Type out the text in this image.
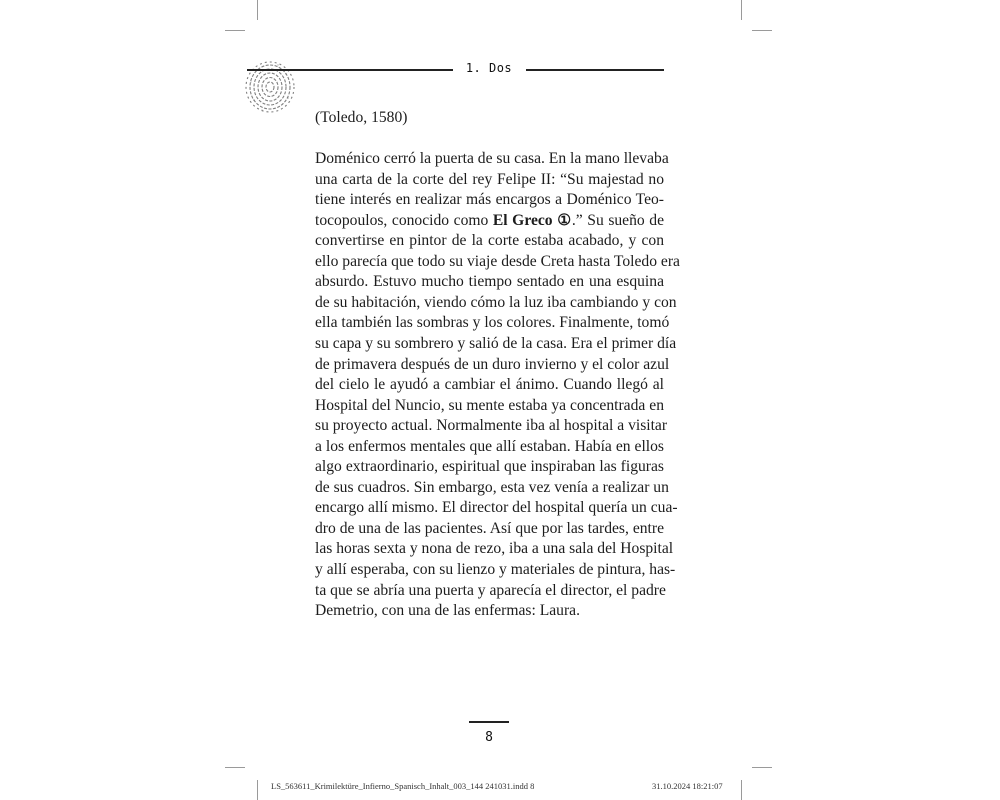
1. Dos

(Toledo, 1580)

Doménico cerró la puerta de su casa. En la mano llevaba
una carta de la corte del rey Felipe II: “Su majestad no
tiene interés en realizar más encargos a Doménico Teo-
tocopoulos, conocido como El Greco ①.” Su sueño de
convertirse en pintor de la corte estaba acabado, y con
ello parecía que todo su viaje desde Creta hasta Toledo era
absurdo. Estuvo mucho tiempo sentado en una esquina
de su habitación, viendo cómo la luz iba cambiando y con
ella también las sombras y los colores. Finalmente, tomó
su capa y su sombrero y salió de la casa. Era el primer día
de primavera después de un duro invierno y el color azul
del cielo le ayudó a cambiar el ánimo. Cuando llegó al
Hospital del Nuncio, su mente estaba ya concentrada en
su proyecto actual. Normalmente iba al hospital a visitar
a los enfermos mentales que allí estaban. Había en ellos
algo extraordinario, espiritual que inspiraban las figuras
de sus cuadros. Sin embargo, esta vez venía a realizar un
encargo allí mismo. El director del hospital quería un cua-
dro de una de las pacientes. Así que por las tardes, entre
las horas sexta y nona de rezo, iba a una sala del Hospital
y allí esperaba, con su lienzo y materiales de pintura, has-
ta que se abría una puerta y aparecía el director, el padre
Demetrio, con una de las enfermas: Laura.
8
LS_563611_Krimilektüre_Infierno_Spanisch_Inhalt_003_144 241031.indd 8	31.10.2024 18:21:07
